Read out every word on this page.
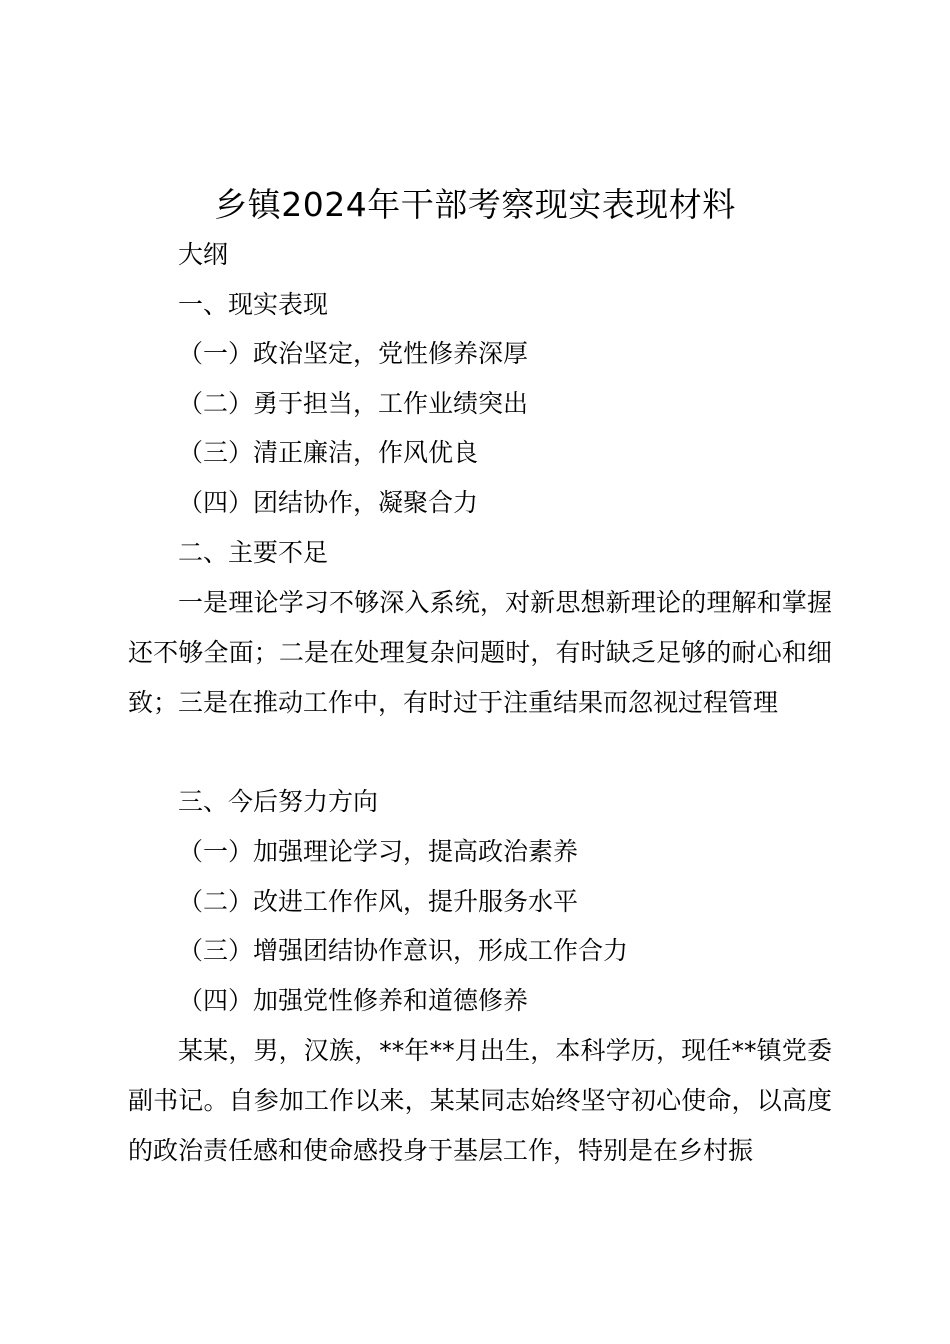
乡镇2024年干部考察现实表现材料
大纲
一、现实表现
（一）政治坚定，党性修养深厚
（二）勇于担当，工作业绩突出
（三）清正廉洁，作风优良
（四）团结协作，凝聚合力
二、主要不足
一是理论学习不够深入系统，对新思想新理论的理解和掌握还不够全面；二是在处理复杂问题时，有时缺乏足够的耐心和细致；三是在推动工作中，有时过于注重结果而忽视过程管理
三、今后努力方向
（一）加强理论学习，提高政治素养
（二）改进工作作风，提升服务水平
（三）增强团结协作意识，形成工作合力
（四）加强党性修养和道德修养
某某，男，汉族，**年**月出生，本科学历，现任**镇党委副书记。自参加工作以来，某某同志始终坚守初心使命，以高度的政治责任感和使命感投身于基层工作，特别是在乡村振
